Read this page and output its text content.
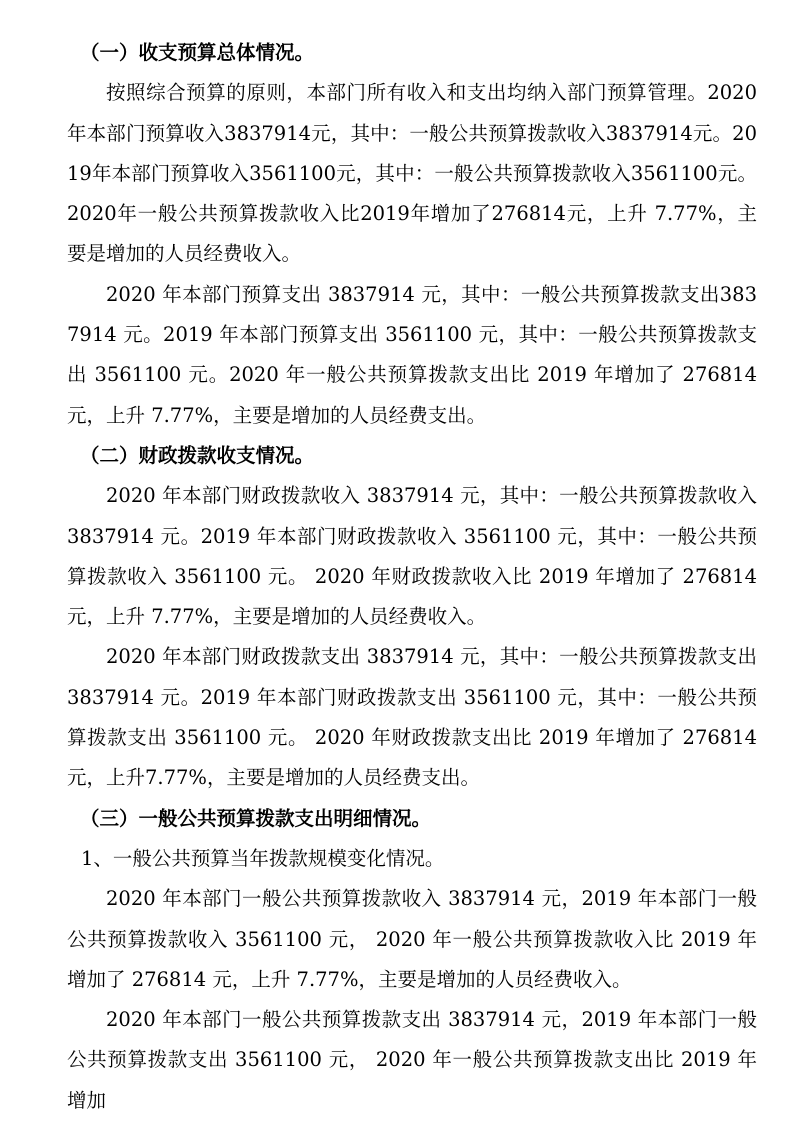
（一）收支预算总体情况。

按照综合预算的原则，本部门所有收入和支出均纳入部门预算管理。2020年本部门预算收入3837914元，其中：一般公共预算拨款收入3837914元。2019年本部门预算收入3561100元，其中：一般公共预算拨款收入3561100元。2020年一般公共预算拨款收入比2019年增加了276814元，上升 7.77%，主要是增加的人员经费收入。

2020 年本部门预算支出 3837914 元，其中：一般公共预算拨款支出3837914 元。2019 年本部门预算支出 3561100 元，其中：一般公共预算拨款支出 3561100 元。2020 年一般公共预算拨款支出比 2019 年增加了 276814 元，上升 7.77%，主要是增加的人员经费支出。

（二）财政拨款收支情况。

2020 年本部门财政拨款收入 3837914 元，其中：一般公共预算拨款收入3837914 元。2019 年本部门财政拨款收入 3561100 元，其中：一般公共预算拨款收入 3561100 元。 2020 年财政拨款收入比 2019 年增加了 276814 元，上升 7.77%，主要是增加的人员经费收入。

2020 年本部门财政拨款支出 3837914 元，其中：一般公共预算拨款支出3837914 元。2019 年本部门财政拨款支出 3561100 元，其中：一般公共预算拨款支出 3561100 元。 2020 年财政拨款支出比 2019 年增加了 276814 元，上升7.77%，主要是增加的人员经费支出。

（三）一般公共预算拨款支出明细情况。

1、一般公共预算当年拨款规模变化情况。

2020 年本部门一般公共预算拨款收入 3837914 元，2019 年本部门一般公共预算拨款收入 3561100 元， 2020 年一般公共预算拨款收入比 2019 年增加了 276814 元，上升 7.77%，主要是增加的人员经费收入。

2020 年本部门一般公共预算拨款支出 3837914 元，2019 年本部门一般公共预算拨款支出 3561100 元， 2020 年一般公共预算拨款支出比 2019 年增加
